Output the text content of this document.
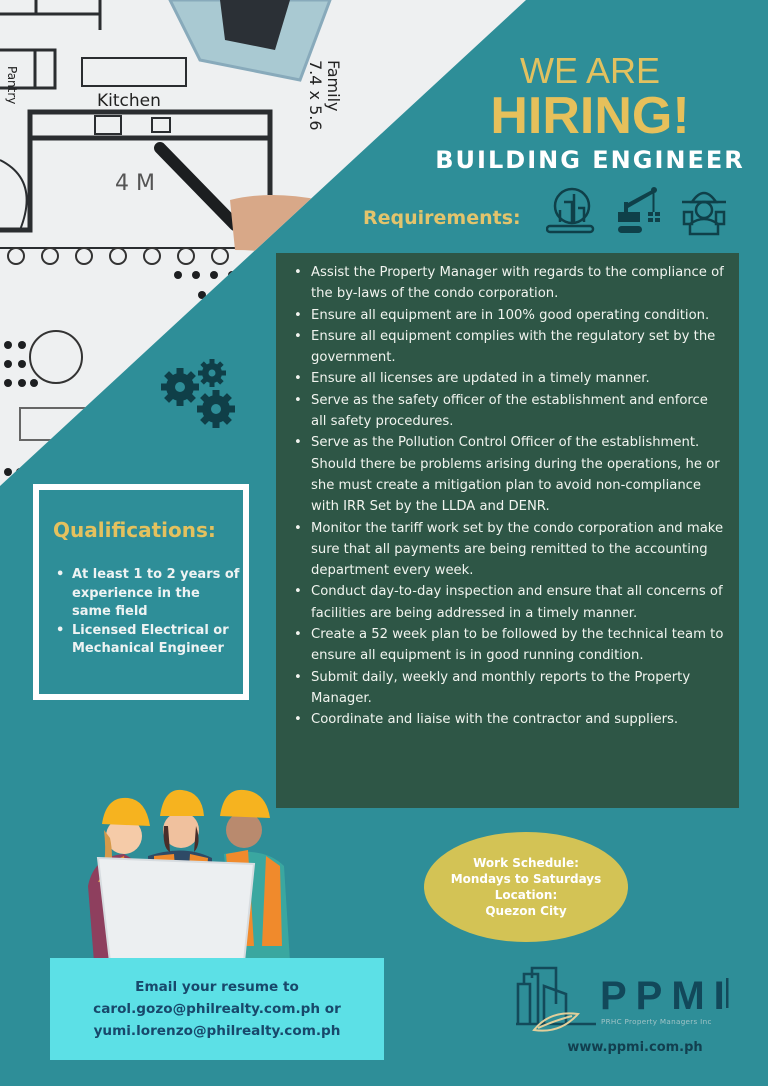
Kitchen
4 M
Family
7.4 x 5.6
Pantry	WE ARE
HIRING!
BUILDING ENGINEER
Requirements:
• Assist the Property Manager with regards to the compliance of the by-laws of the condo corporation.
• Ensure all equipment are in 100% good operating condition.
• Ensure all equipment complies with the regulatory set by the government.
• Ensure all licenses are updated in a timely manner.
• Serve as the safety officer of the establishment and enforce all safety procedures.
• Serve as the Pollution Control Officer of the establishment. Should there be problems arising during the operations, he or she must create a mitigation plan to avoid non-compliance with IRR Set by the LLDA and DENR.
• Monitor the tariff work set by the condo corporation and make sure that all payments are being remitted to the accounting department every week.
• Conduct day-to-day inspection and ensure that all concerns of facilities are being addressed in a timely manner.
• Create a 52 week plan to be followed by the technical team to ensure all equipment is in good running condition.
• Submit daily, weekly and monthly reports to the Property Manager.
• Coordinate and liaise with the contractor and suppliers.
Qualifications:
• At least 1 to 2 years of experience in the same field
• Licensed Electrical or Mechanical Engineer
Work Schedule:
Mondays to Saturdays
Location:
Quezon City
Email your resume to
carol.gozo@philrealty.com.ph or
yumi.lorenzo@philrealty.com.ph
PPMI
PRHC Property Managers Inc
www.ppmi.com.ph
